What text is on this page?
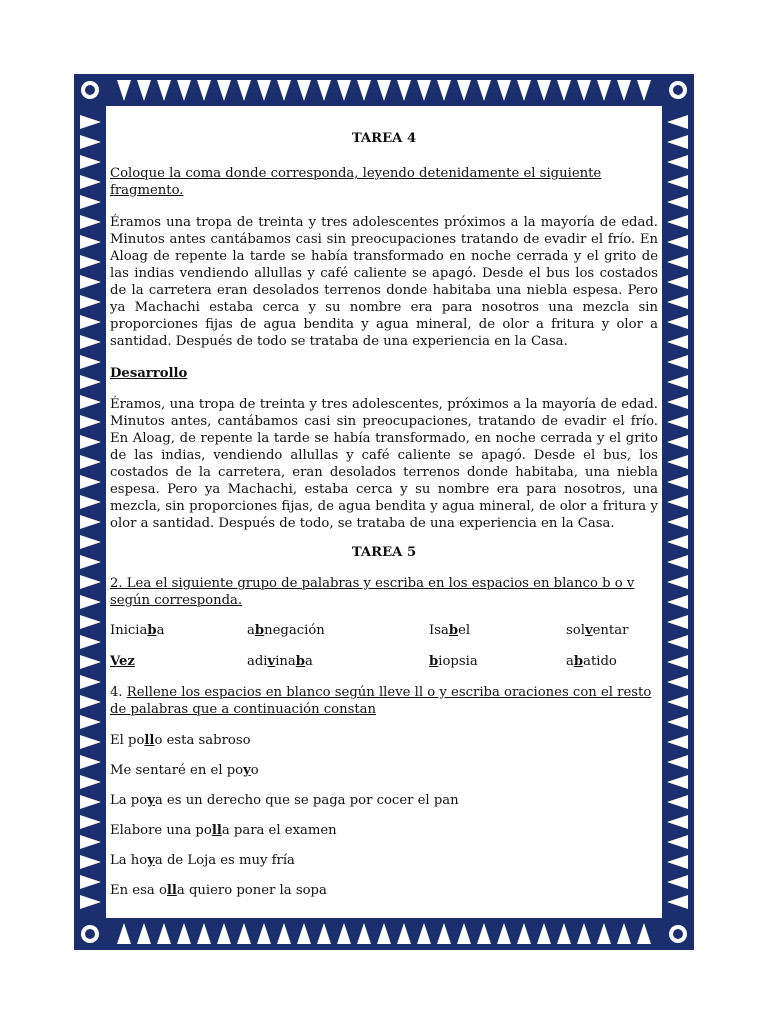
TAREA 4
Coloque la coma donde corresponda, leyendo detenidamente el siguiente fragmento.
Éramos una tropa de treinta y tres adolescentes próximos a la mayoría de edad. Minutos antes cantábamos casi sin preocupaciones tratando de evadir el frío. En Aloag de repente la tarde se había transformado en noche cerrada y el grito de las indias vendiendo allullas y café caliente se apagó. Desde el bus los costados de la carretera eran desolados terrenos donde habitaba una niebla espesa. Pero ya Machachi estaba cerca y su nombre era para nosotros una mezcla sin proporciones fijas de agua bendita y agua mineral, de olor a fritura y olor a santidad. Después de todo se trataba de una experiencia en la Casa.
Desarrollo
Éramos, una tropa de treinta y tres adolescentes, próximos a la mayoría de edad. Minutos antes, cantábamos casi sin preocupaciones, tratando de evadir el frío. En Aloag, de repente la tarde se había transformado, en noche cerrada y el grito de las indias, vendiendo allullas y café caliente se apagó. Desde el bus, los costados de la carretera, eran desolados terrenos donde habitaba, una niebla espesa. Pero ya Machachi, estaba cerca y su nombre era para nosotros, una mezcla, sin proporciones fijas, de agua bendita y agua mineral, de olor a fritura y olor a santidad. Después de todo, se trataba de una experiencia en la Casa.
TAREA 5
2. Lea el siguiente grupo de palabras y escriba en los espacios en blanco b o v según corresponda.
Iniciaba	abnegación	Isabel	solventar
Vez	adivinaba	biopsia	abatido
4. Rellene los espacios en blanco según lleve ll o y escriba oraciones con el resto de palabras que a continuación constan
El pollo esta sabroso
Me sentaré en el poyo
La poya es un derecho que se paga por cocer el pan
Elabore una polla para el examen
La hoya de Loja es muy fría
En esa olla quiero poner la sopa
